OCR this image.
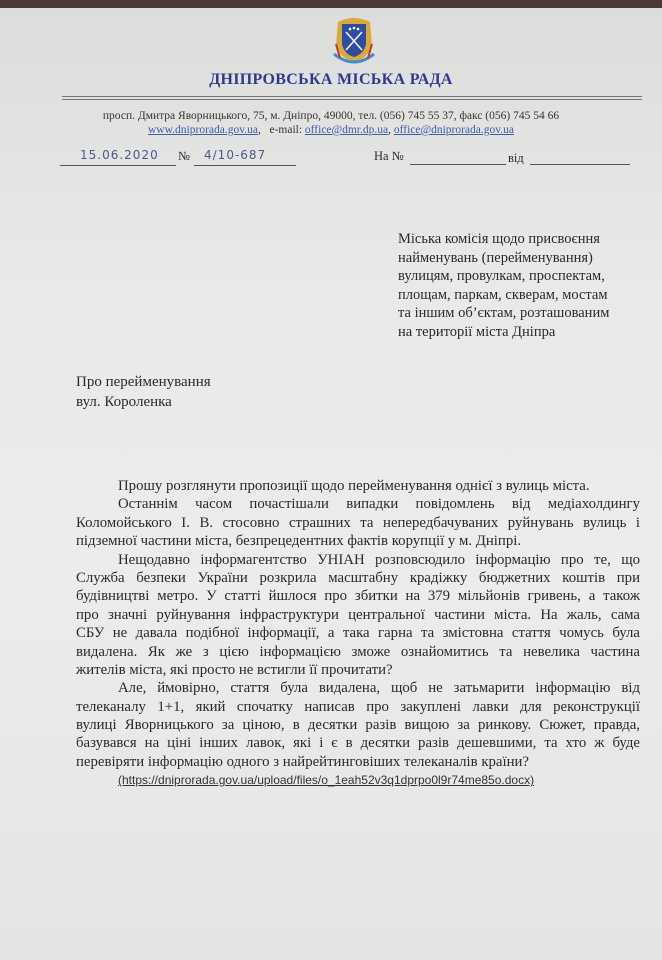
ДНІПРОВСЬКА МІСЬКА РАДА
просп. Дмитра Яворницького, 75, м. Дніпро, 49000, тел. (056) 745 55 37, факс (056) 745 54 66
www.dniprorada.gov.ua,   e-mail: office@dmr.dp.ua, office@dniprorada.gov.ua
15.06.2020 № 4/10-687	На №	від
Міська комісія щодо присвоєння
найменувань (перейменування)
вулицям, провулкам, проспектам,
площам, паркам, скверам, мостам
та іншим об’єктам, розташованим
на території міста Дніпра
Про перейменування
вул. Короленка
Прошу розглянути пропозиції щодо перейменування однієї з вулиць міста.
Останнім часом почастішали випадки повідомлень від медіахолдингу
Коломойського І. В. стосовно страшних та непередбачуваних руйнувань вулиць і
підземної частини міста, безпрецедентних фактів корупції у м. Дніпрі.
Нещодавно інформагентство УНІАН розповсюдило інформацію про те, що
Служба безпеки України розкрила масштабну крадіжку бюджетних коштів при
будівництві метро. У статті йшлося про збитки на 379 мільйонів гривень, а також
про значні руйнування інфраструктури центральної частини міста. На жаль, сама
СБУ не давала подібної інформації, а така гарна та змістовна стаття чомусь була
видалена. Як же з цією інформацією зможе ознайомитись та невелика частина
жителів міста, які просто не встигли її прочитати?
Але, ймовірно, стаття була видалена, щоб не затьмарити інформацію від
телеканалу 1+1, який спочатку написав про закуплені лавки для реконструкції
вулиці Яворницького за ціною, в десятки разів вищою за ринкову. Сюжет, правда,
базувався на ціні інших лавок, які і є в десятки разів дешевшими, та хто ж буде
перевіряти інформацію одного з найрейтинговіших телеканалів країни?
(https://dniprorada.gov.ua/upload/files/o_1eah52v3q1dprpo0l9r74me85o.docx)
